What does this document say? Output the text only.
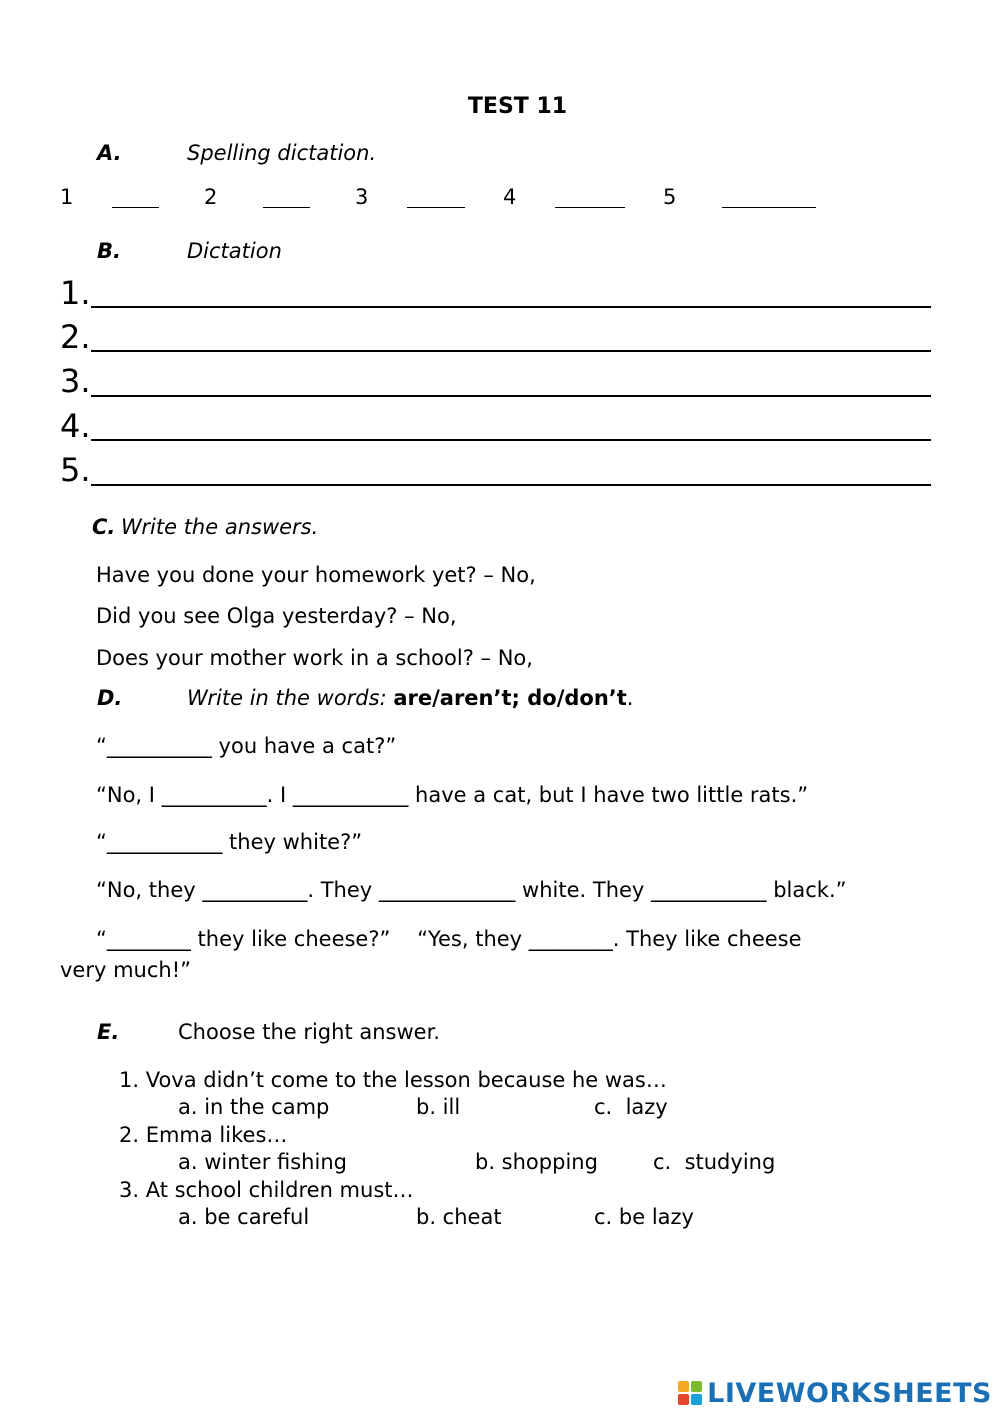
TEST 11
A.	Spelling dictation.
1	2	3	4	5
B.	Dictation
1.
2.
3.
4.
5.
C. Write the answers.
Have you done your homework yet? – No,
Did you see Olga yesterday? – No,
Does your mother work in a school? – No,
D.	Write in the words: are/aren’t; do/don’t.
“__________ you have a cat?”
“No, I __________. I ___________ have a cat, but I have two little rats.”
“___________ they white?”
“No, they __________. They _____________ white. They ___________ black.”
“________ they like cheese?”    “Yes, they ________. They like cheese
very much!”
E.	Choose the right answer.
1. Vova didn’t come to the lesson because he was…
a. in the camp	b. ill	c.  lazy
2. Emma likes…
a. winter fishing	b. shopping	c.  studying
3. At school children must…
a. be careful	b. cheat	c. be lazy
LIVEWORKSHEETS
